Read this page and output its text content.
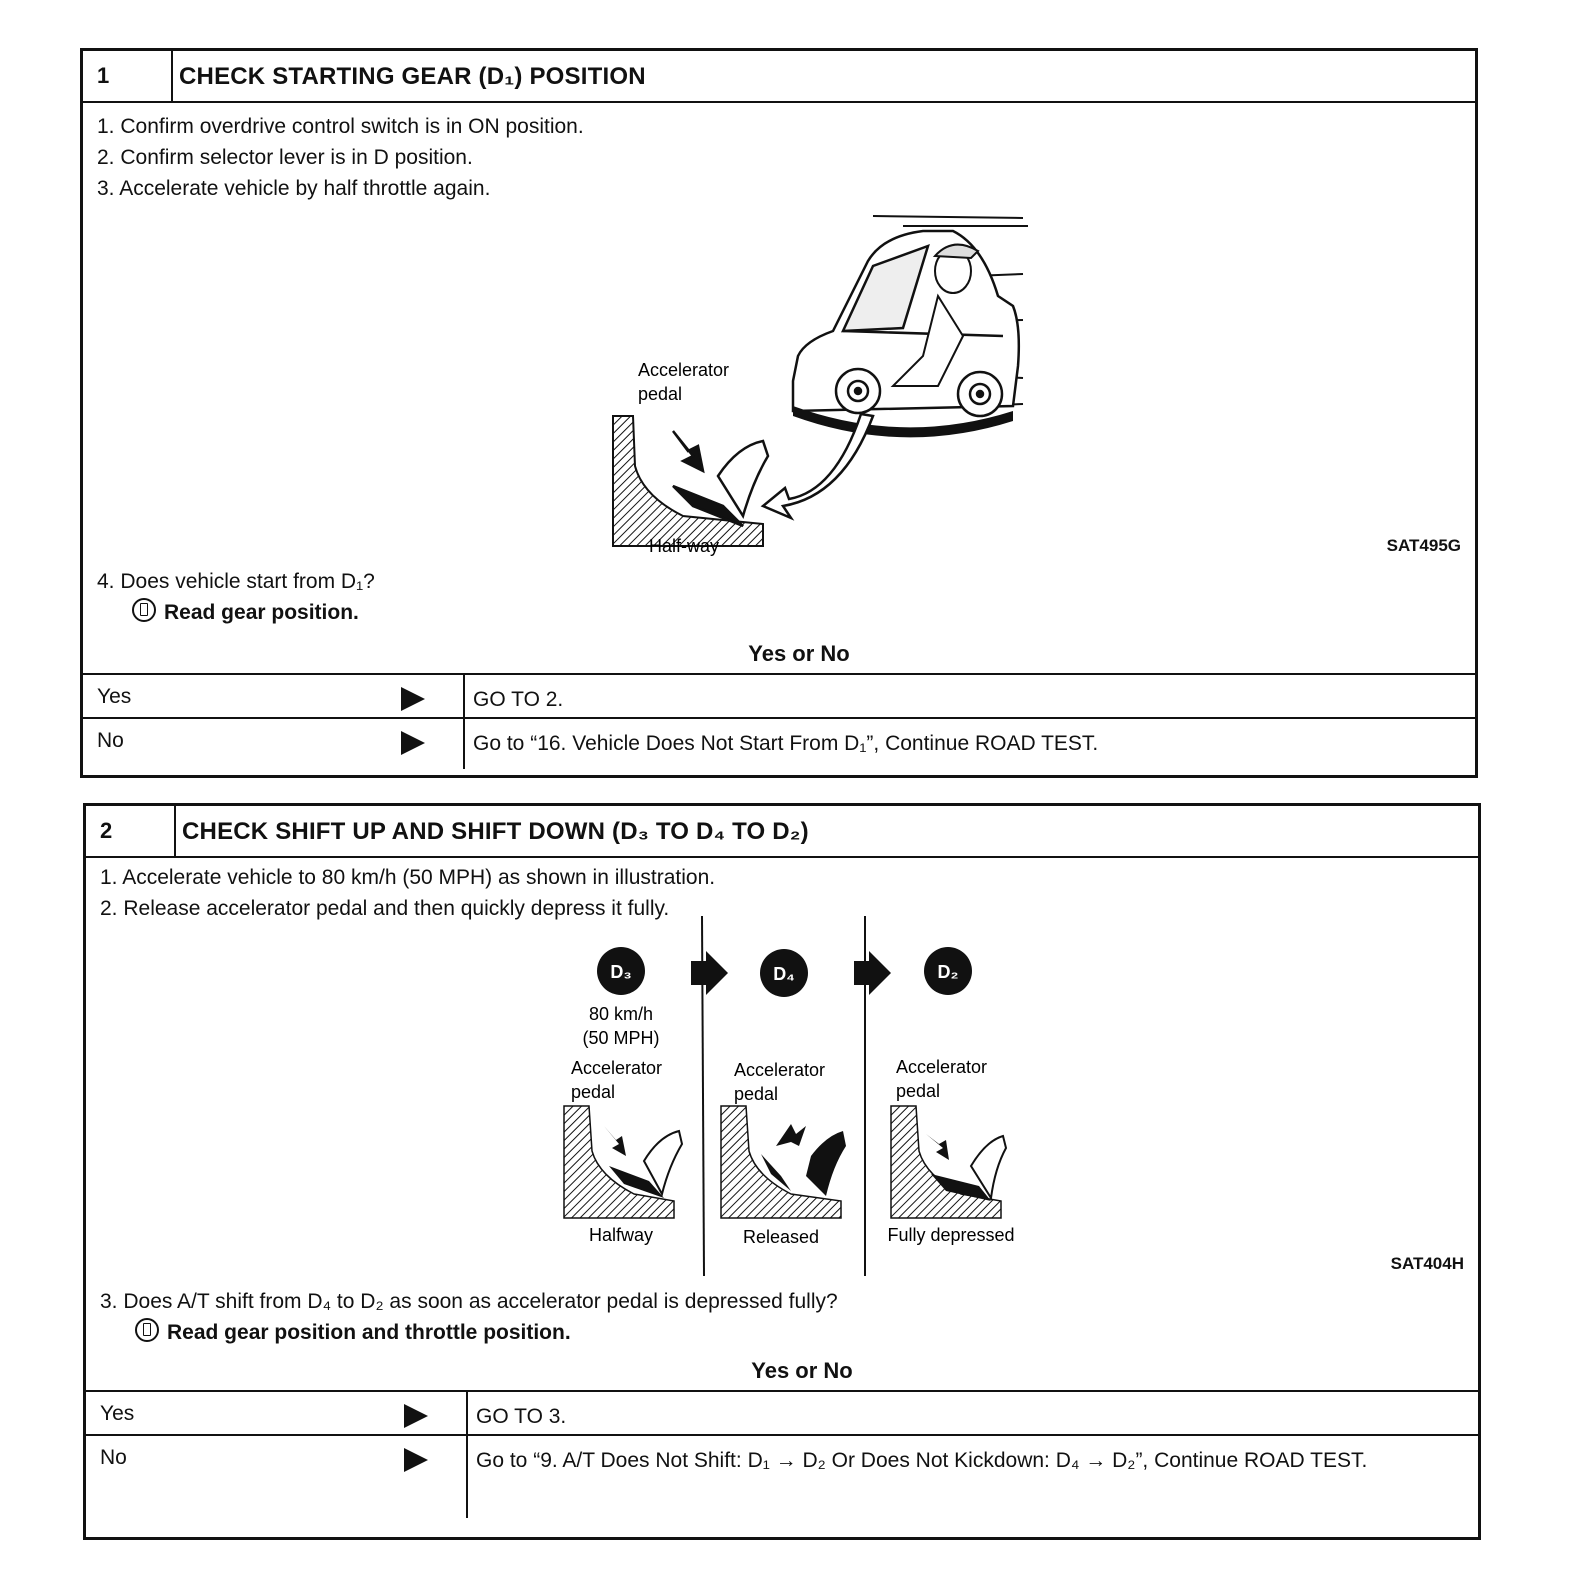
1	CHECK STARTING GEAR (D₁) POSITION
1. Confirm overdrive control switch is in ON position.
2. Confirm selector lever is in D position.
3. Accelerate vehicle by half throttle again.
Accelerator
pedal
Half-way	SAT495G
4. Does vehicle start from D₁?
Read gear position.
Yes or No
Yes	GO TO 2.
No	Go to “16. Vehicle Does Not Start From D₁”, Continue ROAD TEST.
2	CHECK SHIFT UP AND SHIFT DOWN (D₃ TO D₄ TO D₂)
1. Accelerate vehicle to 80 km/h (50 MPH) as shown in illustration.
2. Release accelerator pedal and then quickly depress it fully.
D₃	D₄	D₂
80 km/h
(50 MPH)
Accelerator
pedal
Accelerator
pedal
Accelerator
pedal
Halfway	Released	Fully depressed
SAT404H
3. Does A/T shift from D₄ to D₂ as soon as accelerator pedal is depressed fully?
Read gear position and throttle position.
Yes or No
Yes	GO TO 3.
No	Go to “9. A/T Does Not Shift: D₁ → D₂ Or Does Not Kickdown: D₄ → D₂”, Continue ROAD TEST.
